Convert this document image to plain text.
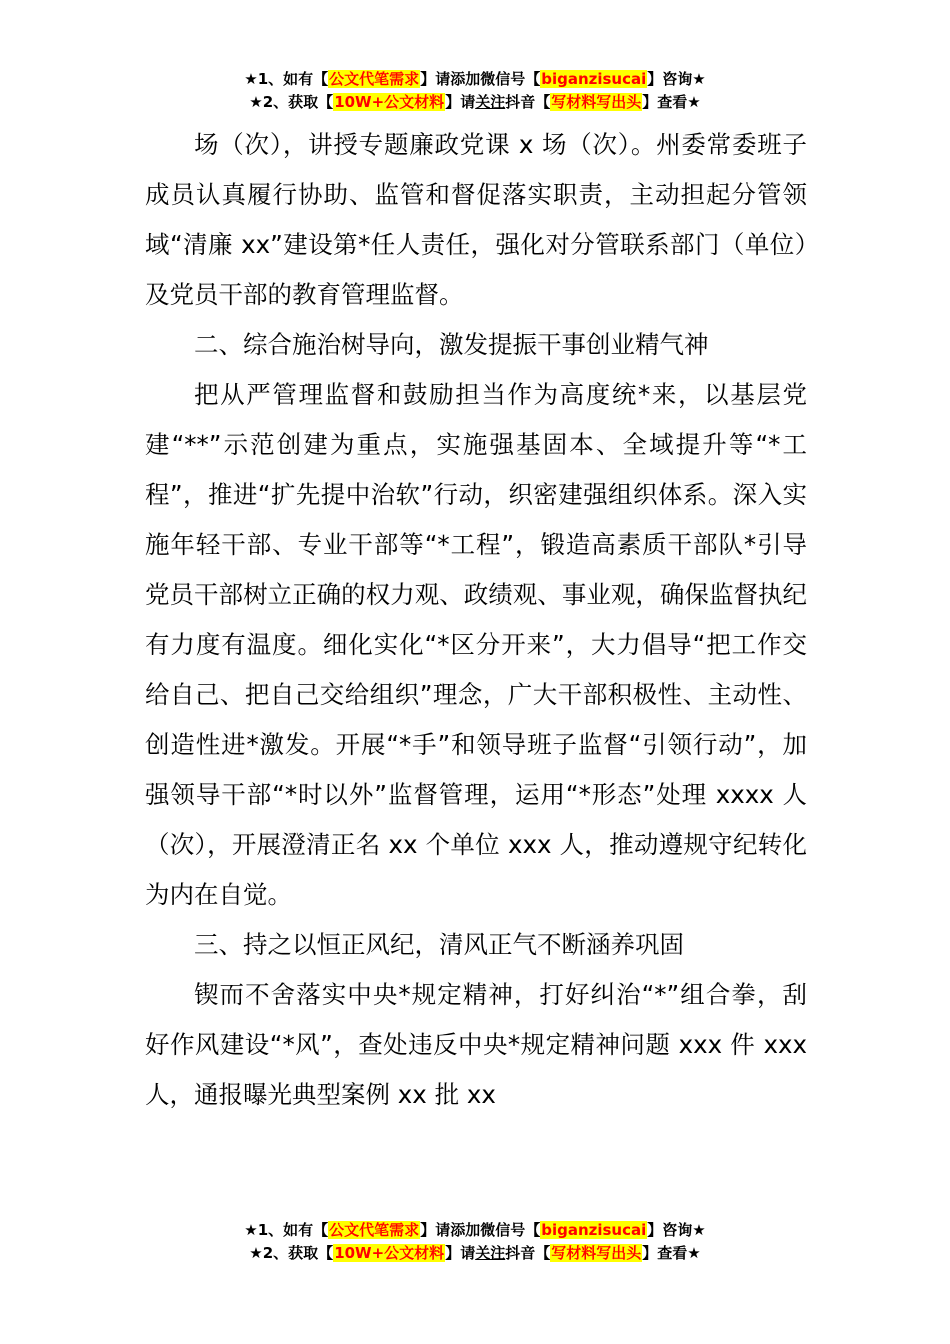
★1、如有【公文代笔需求】请添加微信号【biganzisucai】咨询★
★2、获取【10W+公文材料】请关注抖音【写材料写出头】查看★

场（次），讲授专题廉政党课 x 场（次）。州委常委班子成员认真履行协助、监管和督促落实职责，主动担起分管领域“清廉 xx”建设第*任人责任，强化对分管联系部门（单位）及党员干部的教育管理监督。

二、综合施治树导向，激发提振干事创业精气神

把从严管理监督和鼓励担当作为高度统*来，以基层党建“**”示范创建为重点，实施强基固本、全域提升等“*工程”，推进“扩先提中治软”行动，织密建强组织体系。深入实施年轻干部、专业干部等“*工程”，锻造高素质干部队*引导党员干部树立正确的权力观、政绩观、事业观，确保监督执纪有力度有温度。细化实化“*区分开来”，大力倡导“把工作交给自己、把自己交给组织”理念，广大干部积极性、主动性、创造性进*激发。开展“*手”和领导班子监督“引领行动”，加强领导干部“*时以外”监督管理，运用“*形态”处理 xxxx 人（次），开展澄清正名 xx 个单位 xxx 人，推动遵规守纪转化为内在自觉。

三、持之以恒正风纪，清风正气不断涵养巩固

锲而不舍落实中央*规定精神，打好纠治“*”组合拳，刮好作风建设“*风”，查处违反中央*规定精神问题 xxx 件 xxx 人，通报曝光典型案例 xx 批 xx

★1、如有【公文代笔需求】请添加微信号【biganzisucai】咨询★
★2、获取【10W+公文材料】请关注抖音【写材料写出头】查看★
